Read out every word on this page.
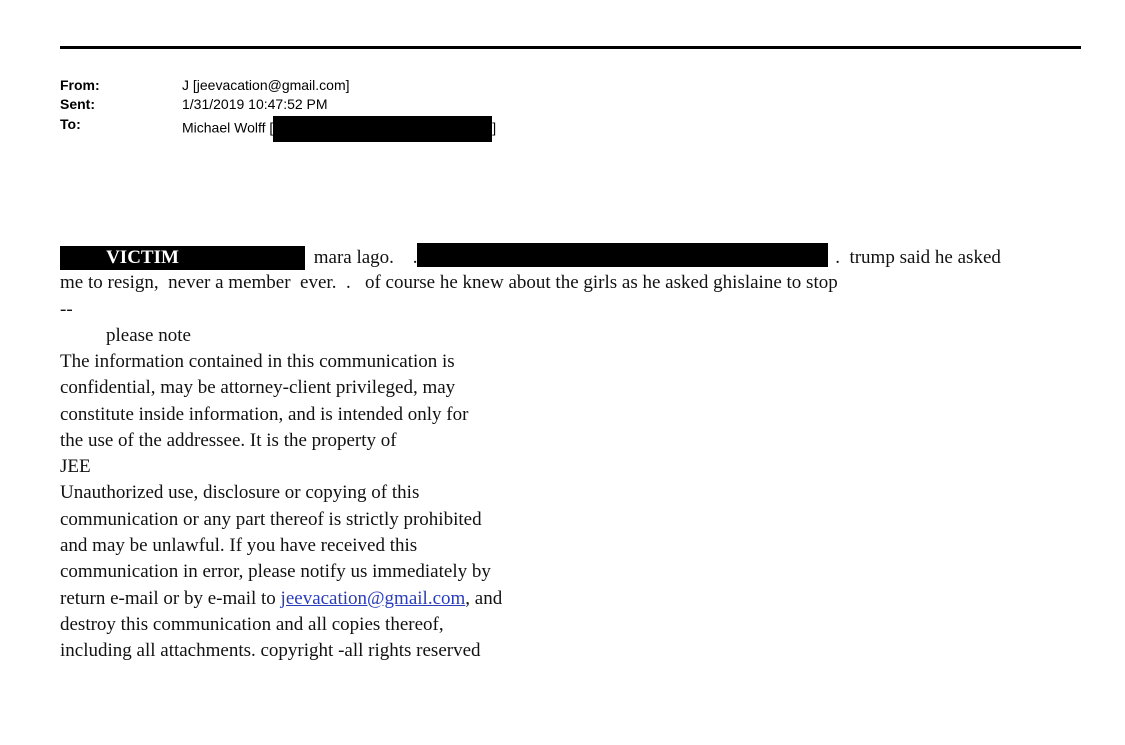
From:	J [jeevacation@gmail.com]
Sent:	1/31/2019 10:47:52 PM
To:	Michael Wolff [	]
VICTIM	mara lago. .	.  trump said he asked
me to resign,  never a member  ever.  .   of course he knew about the girls as he asked ghislaine to stop
--
please note
The information contained in this communication is
confidential, may be attorney-client privileged, may
constitute inside information, and is intended only for
the use of the addressee. It is the property of
JEE
Unauthorized use, disclosure or copying of this
communication or any part thereof is strictly prohibited
and may be unlawful. If you have received this
communication in error, please notify us immediately by
return e-mail or by e-mail to jeevacation@gmail.com, and
destroy this communication and all copies thereof,
including all attachments. copyright -all rights reserved
